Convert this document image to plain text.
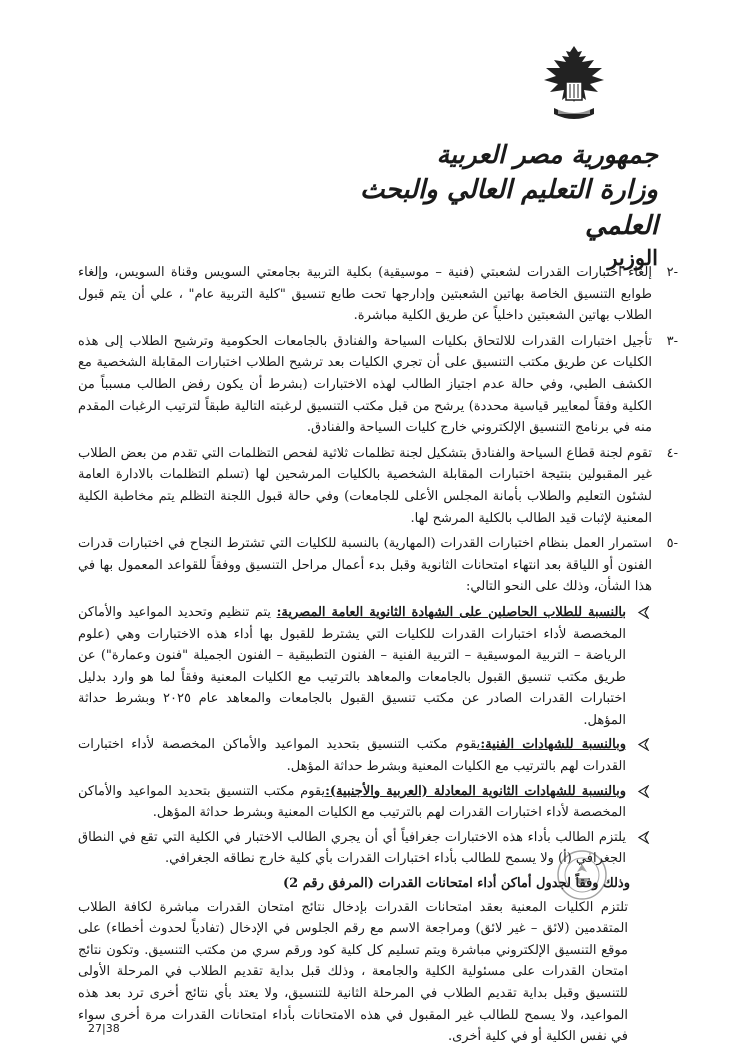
جمهورية مصر العربية

وزارة التعليم العالي والبحث العلمي

الوزير

-٢
إلغاء اختبارات القدرات لشعبتي (فنية – موسيقية) بكلية التربية بجامعتي السويس وقناة السويس، وإلغاء طوابع التنسيق الخاصة بهاتين الشعبتين وإدارجها تحت طابع تنسيق "كلية التربية عام" ، علي أن يتم قبول الطلاب بهاتين الشعبتين داخلياً عن طريق الكلية مباشرة.
-٣
تأجيل اختبارات القدرات للالتحاق بكليات السياحة والفنادق بالجامعات الحكومية وترشيح الطلاب إلى هذه الكليات عن طريق مكتب التنسيق على أن تجري الكليات بعد ترشيح الطلاب اختبارات المقابلة الشخصية مع الكشف الطبي، وفي حالة عدم اجتياز الطالب لهذه الاختبارات (بشرط أن يكون رفض الطالب مسبباً من الكلية وفقاً لمعايير قياسية محددة) يرشح من قبل مكتب التنسيق لرغبته التالية طبقاً لترتيب الرغبات المقدم منه في برنامج التنسيق الإلكتروني خارج كليات السياحة والفنادق.
-٤
تقوم لجنة قطاع السياحة والفنادق بتشكيل لجنة تظلمات ثلاثية لفحص التظلمات التي تقدم من بعض الطلاب غير المقبولين بنتيجة اختبارات المقابلة الشخصية بالكليات المرشحين لها (تسلم التظلمات بالادارة العامة لشئون التعليم والطلاب بأمانة المجلس الأعلى للجامعات) وفي حالة قبول اللجنة التظلم يتم مخاطبة الكلية المعنية لإثبات قيد الطالب بالكلية المرشح لها.
-٥
استمرار العمل بنظام اختبارات القدرات (المهارية) بالنسبة للكليات التي تشترط النجاح في اختبارات قدرات الفنون أو اللياقة بعد انتهاء امتحانات الثانوية وقبل بدء أعمال مراحل التنسيق ووفقاً للقواعد المعمول بها في هذا الشأن، وذلك على النحو التالي:
بالنسبة للطلاب الحاصلين على الشهادة الثانوية العامة المصرية: يتم تنظيم وتحديد المواعيد والأماكن المخصصة لأداء اختبارات القدرات للكليات التي يشترط للقبول بها أداء هذه الاختبارات وهي (علوم الرياضة – التربية الموسيقية – التربية الفنية – الفنون التطبيقية – الفنون الجميلة "فنون وعمارة") عن طريق مكتب تنسيق القبول بالجامعات والمعاهد بالترتيب مع الكليات المعنية وفقاً لما هو وارد بدليل اختبارات القدرات الصادر عن مكتب تنسيق القبول بالجامعات والمعاهد عام ٢٠٢٥ وبشرط حداثة المؤهل.
وبالنسبة للشهادات الفنية:يقوم مكتب التنسيق بتحديد المواعيد والأماكن المخصصة لأداء اختبارات القدرات لهم بالترتيب مع الكليات المعنية وبشرط حداثة المؤهل.
وبالنسبة للشهادات الثانوية المعادلة (العربية والأجنبية):يقوم مكتب التنسيق بتحديد المواعيد والأماكن المخصصة لأداء اختبارات القدرات لهم بالترتيب مع الكليات المعنية وبشرط حداثة المؤهل.
يلتزم الطالب بأداء هذه الاختبارات جغرافياً أي أن يجري الطالب الاختبار في الكلية التي تقع في النطاق الجغرافي (أ) ولا يسمح للطالب بأداء اختبارات القدرات بأي كلية خارج نطاقه الجغرافي.
وذلك وفقاً لجدول أماكن أداء امتحانات القدرات (المرفق رقم 2)
تلتزم الكليات المعنية بعقد امتحانات القدرات بإدخال نتائج امتحان القدرات مباشرة لكافة الطلاب المتقدمين (لائق – غير لائق) ومراجعة الاسم مع رقم الجلوس في الإدخال (تفادياً لحدوث أخطاء) على موقع التنسيق الإلكتروني مباشرة ويتم تسليم كل كلية كود ورقم سري من مكتب التنسيق. وتكون نتائج امتحان القدرات على مسئولية الكلية والجامعة ، وذلك قبل بداية تقديم الطلاب في المرحلة الأولى للتنسيق وقبل بداية تقديم الطلاب في المرحلة الثانية للتنسيق، ولا يعتد بأي نتائج أخرى ترد بعد هذه المواعيد، ولا يسمح للطالب غير المقبول في هذه الامتحانات بأداء امتحانات القدرات مرة أخرى سواء في نفس الكلية أو في كلية أخرى.
27|38
